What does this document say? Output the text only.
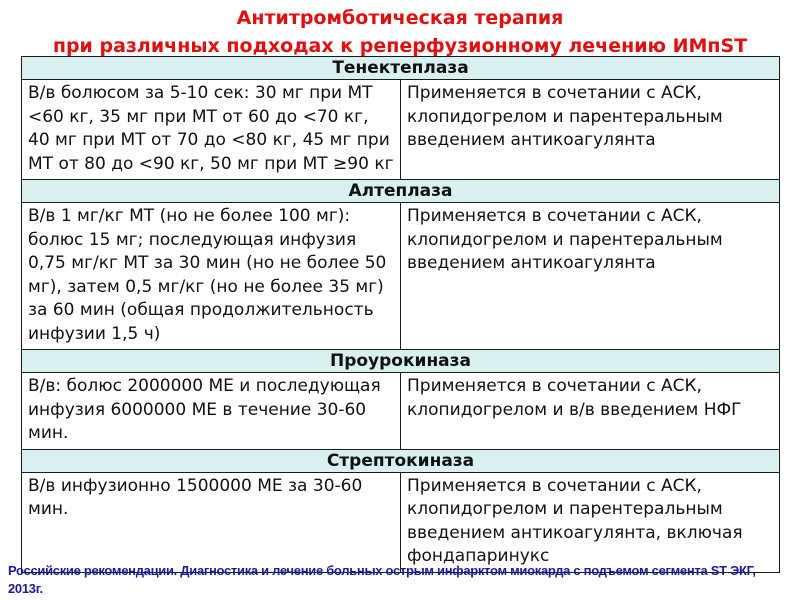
Антитромботическая терапия
при различных подходах к реперфузионному лечению ИМпST
Тенектеплаза	
В/в болюсом за 5-10 сек: 30 мг при МТ <60 кг, 35 мг при МТ от 60 до <70 кг, 40 мг при МТ от 70 до <80 кг, 45 мг при МТ от 80 до <90 кг, 50 мг при МТ ≥90 кг	Применяется в сочетании с АСК, клопидогрелом и парентеральным введением антикоагулянта
Алтеплаза	
В/в 1 мг/кг МТ (но не более 100 мг): болюс 15 мг; последующая инфузия 0,75 мг/кг МТ за 30 мин (но не более 50 мг), затем 0,5 мг/кг (но не более 35 мг) за 60 мин (общая продолжительность инфузии 1,5 ч)	Применяется в сочетании с АСК, клопидогрелом и парентеральным введением антикоагулянта
Проурокиназа	
В/в: болюс 2000000 МЕ и последующая инфузия 6000000 МЕ в течение 30-60 мин.	Применяется в сочетании с АСК, клопидогрелом и в/в введением НФГ
Стрептокиназа	
В/в инфузионно 1500000 МЕ за 30-60 мин.	Применяется в сочетании с АСК, клопидогрелом и парентеральным введением антикоагулянта, включая фондапаринукс
Российские рекомендации. Диагностика и лечение больных острым инфарктом миокарда с подъемом сегмента ST ЭКГ, 2013г.
